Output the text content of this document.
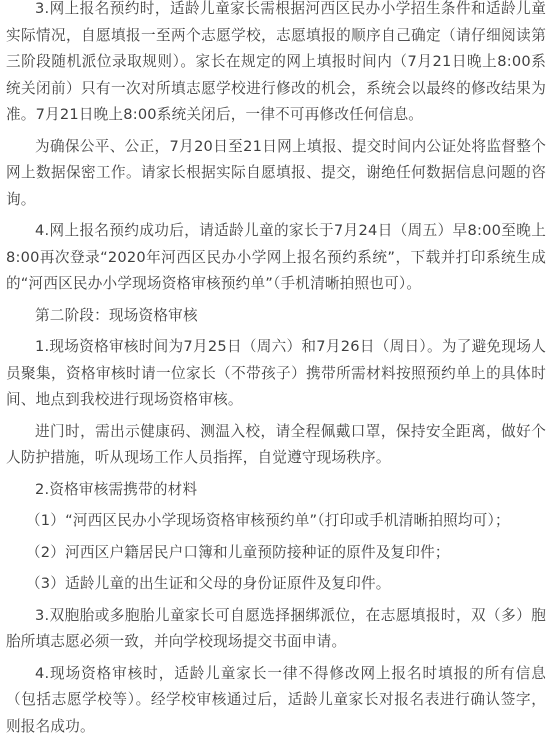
3.网上报名预约时，适龄儿童家长需根据河西区民办小学招生条件和适龄儿童实际情况，自愿填报一至两个志愿学校，志愿填报的顺序自己确定（请仔细阅读第三阶段随机派位录取规则）。家长在规定的网上填报时间内（7月21日晚上8:00系统关闭前）只有一次对所填志愿学校进行修改的机会，系统会以最终的修改结果为准。7月21日晚上8:00系统关闭后，一律不可再修改任何信息。

为确保公平、公正，7月20日至21日网上填报、提交时间内公证处将监督整个网上数据保密工作。请家长根据实际自愿填报、提交，谢绝任何数据信息问题的咨询。

4.网上报名预约成功后，请适龄儿童的家长于7月24日（周五）早8:00至晚上8:00再次登录“2020年河西区民办小学网上报名预约系统”，下载并打印系统生成的“河西区民办小学现场资格审核预约单”（手机清晰拍照也可）。

第二阶段：现场资格审核

1.现场资格审核时间为7月25日（周六）和7月26日（周日）。为了避免现场人员聚集，资格审核时请一位家长（不带孩子）携带所需材料按照预约单上的具体时间、地点到我校进行现场资格审核。

进门时，需出示健康码、测温入校，请全程佩戴口罩，保持安全距离，做好个人防护措施，听从现场工作人员指挥，自觉遵守现场秩序。

2.资格审核需携带的材料

（1）“河西区民办小学现场资格审核预约单”（打印或手机清晰拍照均可）；

（2）河西区户籍居民户口簿和儿童预防接种证的原件及复印件；

（3）适龄儿童的出生证和父母的身份证原件及复印件。

3.双胞胎或多胞胎儿童家长可自愿选择捆绑派位，在志愿填报时，双（多）胞胎所填志愿必须一致，并向学校现场提交书面申请。

4.现场资格审核时，适龄儿童家长一律不得修改网上报名时填报的所有信息（包括志愿学校等）。经学校审核通过后，适龄儿童家长对报名表进行确认签字，则报名成功。
